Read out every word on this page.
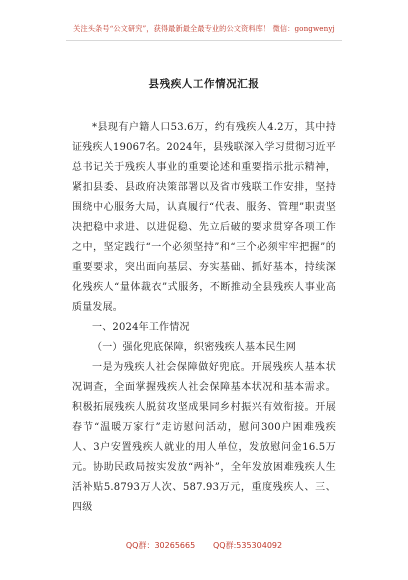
关注头条号“公文研究”，获得最新最全最专业的公文资料库！ 微信：gongwenyj
县残疾人工作情况汇报

*县现有户籍人口53.6万，约有残疾人4.2万，其中持证残疾人19067名。2024年，县残联深入学习贯彻习近平总书记关于残疾人事业的重要论述和重要指示批示精神，紧扣县委、县政府决策部署以及省市残联工作安排，坚持围绕中心服务大局，认真履行“代表、服务、管理”职责坚决把稳中求进、以进促稳、先立后破的要求贯穿各项工作之中，坚定践行“一个必须坚持”和“三个必须牢牢把握”的重要要求，突出面向基层、夯实基础、抓好基本，持续深化残疾人“量体裁衣”式服务，不断推动全县残疾人事业高质量发展。

一、2024年工作情况

（一）强化兜底保障，织密残疾人基本民生网

一是为残疾人社会保障做好兜底。开展残疾人基本状况调查，全面掌握残疾人社会保障基本状况和基本需求。积极拓展残疾人脱贫攻坚成果同乡村振兴有效衔接。开展春节“温暖万家行”走访慰问活动，慰问300户困难残疾人、3户安置残疾人就业的用人单位，发放慰问金16.5万元。协助民政局按实发放“两补”，全年发放困难残疾人生活补贴5.8793万人次、587.93万元，重度残疾人、三、四级

QQ群：30265665 QQ群:535304092
